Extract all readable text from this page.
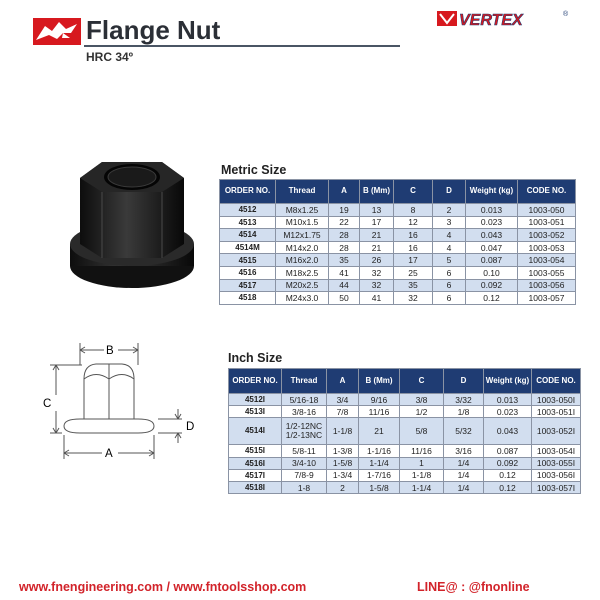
Flange Nut
HRC 34º
VERTEX	®
Metric Size
ORDER NO.	Thread	A	B (Mm)	C	D	Weight (kg)	CODE NO.
4512	M8x1.25	19	13	8	2	0.013	1003-050
4513	M10x1.5	22	17	12	3	0.023	1003-051
4514	M12x1.75	28	21	16	4	0.043	1003-052
4514M	M14x2.0	28	21	16	4	0.047	1003-053
4515	M16x2.0	35	26	17	5	0.087	1003-054
4516	M18x2.5	41	32	25	6	0.10	1003-055
4517	M20x2.5	44	32	35	6	0.092	1003-056
4518	M24x3.0	50	41	32	6	0.12	1003-057
Inch Size
ORDER NO.	Thread	A	B (Mm)	C	D	Weight (kg)	CODE NO.
4512I	5/16-18	3/4	9/16	3/8	3/32	0.013	1003-050I
4513I	3/8-16	7/8	11/16	1/2	1/8	0.023	1003-051I
4514I	1/2-12NC
1/2-13NC	1-1/8	21	5/8	5/32	0.043	1003-052I
4515I	5/8-11	1-3/8	1-1/16	11/16	3/16	0.087	1003-054I
4516I	3/4-10	1-5/8	1-1/4	1	1/4	0.092	1003-055I
4517I	7/8-9	1-3/4	1-7/16	1-1/8	1/4	0.12	1003-056I
4518I	1-8	2	1-5/8	1-1/4	1/4	0.12	1003-057I
B
C
D
A
www.fnengineering.com / www.fntoolsshop.com	LINE@ : @fnonline
